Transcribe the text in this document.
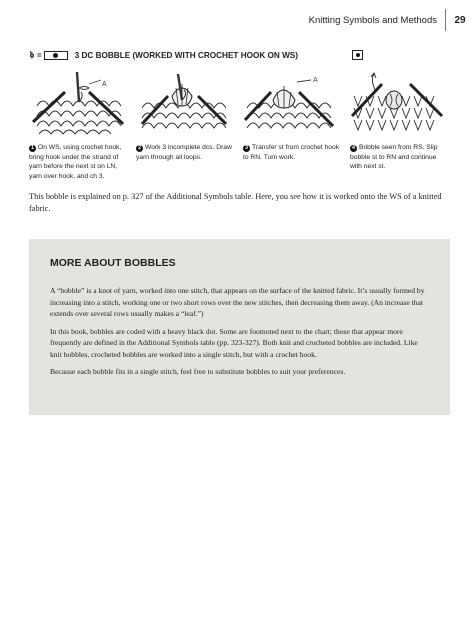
Knitting Symbols and Methods	29
=	3 DC BOBBLE (WORKED WITH CROCHET HOOK ON WS)
A
A
1 On WS, using crochet hook, bring hook under the strand of yarn before the next st on LN, yarn over hook, and ch 3.
2 Work 3 incomplete dcs. Draw yarn through all loops.
3 Transfer st from crochet hook to RN. Turn work.
4 Bobble seen from RS. Slip bobble st to RN and continue with next st.
This bobble is explained on p. 327 of the Additional Symbols table. Here, you see how it is worked onto the WS of a knitted fabric.
MORE ABOUT BOBBLES

A “bobble” is a knot of yarn, worked into one stitch, that appears on the surface of the knitted fabric. It’s usually formed by increasing into a stitch, working one or two short rows over the new stitches, then decreasing them away. (An increase that extends over several rows usually makes a “leaf.”)

In this book, bobbles are coded with a heavy black dot. Some are footnoted next to the chart; those that appear more frequently are defined in the Additional Symbols table (pp. 323-327). Both knit and crocheted bobbles are included. Like knit bobbles, crocheted bobbles are worked into a single stitch, but with a crochet hook.

Because each bobble fits in a single stitch, feel free to substitute bobbles to suit your preferences.
